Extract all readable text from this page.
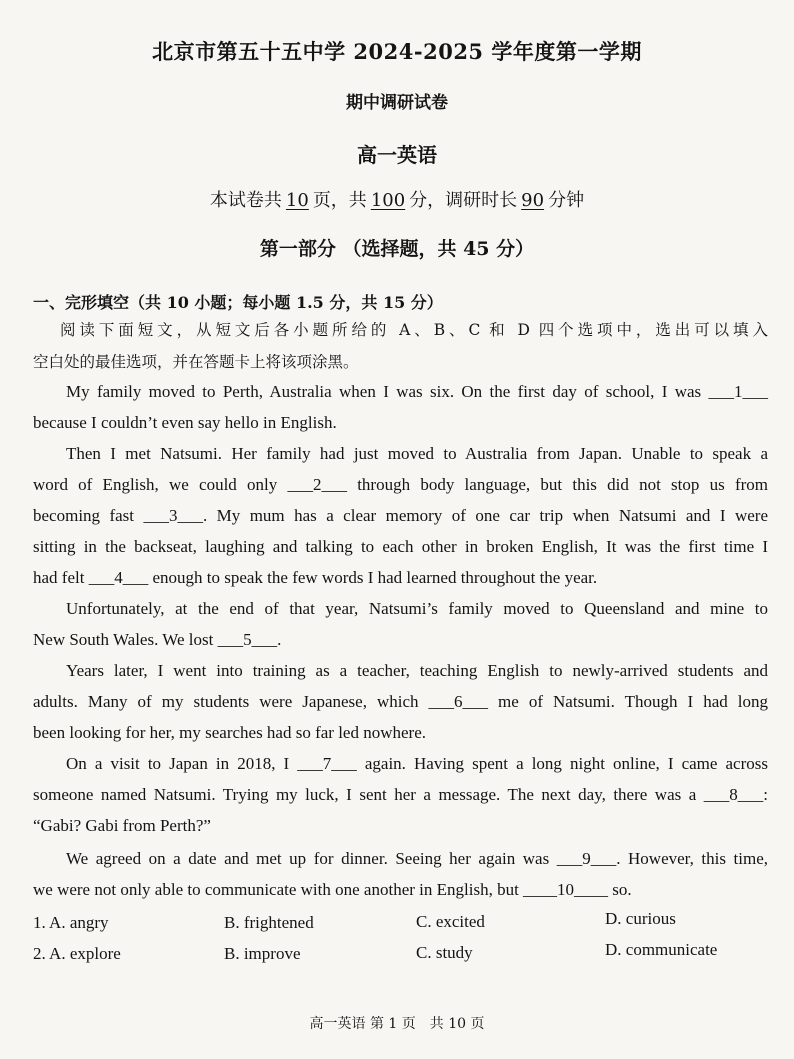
北京市第五十五中学 2024-2025 学年度第一学期
期中调研试卷
高一英语
本试卷共 10 页，共 100 分，调研时长 90 分钟
第一部分 （选择题，共 45 分）
一、完形填空（共 10 小题；每小题 1.5 分，共 15 分）
阅读下面短文，从短文后各小题所给的 A、B、C 和 D 四个选项中，选出可以填入
空白处的最佳选项，并在答题卡上将该项涂黑。
My family moved to Perth, Australia when I was six. On the first day of school, I was ___1___
because I couldn’t even say hello in English.
Then I met Natsumi. Her family had just moved to Australia from Japan. Unable to speak a
word of English, we could only ___2___ through body language, but this did not stop us from
becoming fast ___3___. My mum has a clear memory of one car trip when Natsumi and I were
sitting in the backseat, laughing and talking to each other in broken English, It was the first time I
had felt ___4___ enough to speak the few words I had learned throughout the year.
Unfortunately, at the end of that year, Natsumi’s family moved to Queensland and mine to
New South Wales. We lost ___5___.
Years later, I went into training as a teacher, teaching English to newly-arrived students and
adults. Many of my students were Japanese, which ___6___ me of Natsumi. Though I had long
been looking for her, my searches had so far led nowhere.
On a visit to Japan in 2018, I ___7___ again. Having spent a long night online, I came across
someone named Natsumi. Trying my luck, I sent her a message. The next day, there was a ___8___:
“Gabi? Gabi from Perth?”
We agreed on a date and met up for dinner. Seeing her again was ___9___. However, this time,
we were not only able to communicate with one another in English, but ____10____ so.
1. A. angry	B. frightened	C. excited	D. curious
2. A. explore	B. improve	C. study	D. communicate
高一英语 第 1 页　共 10 页
